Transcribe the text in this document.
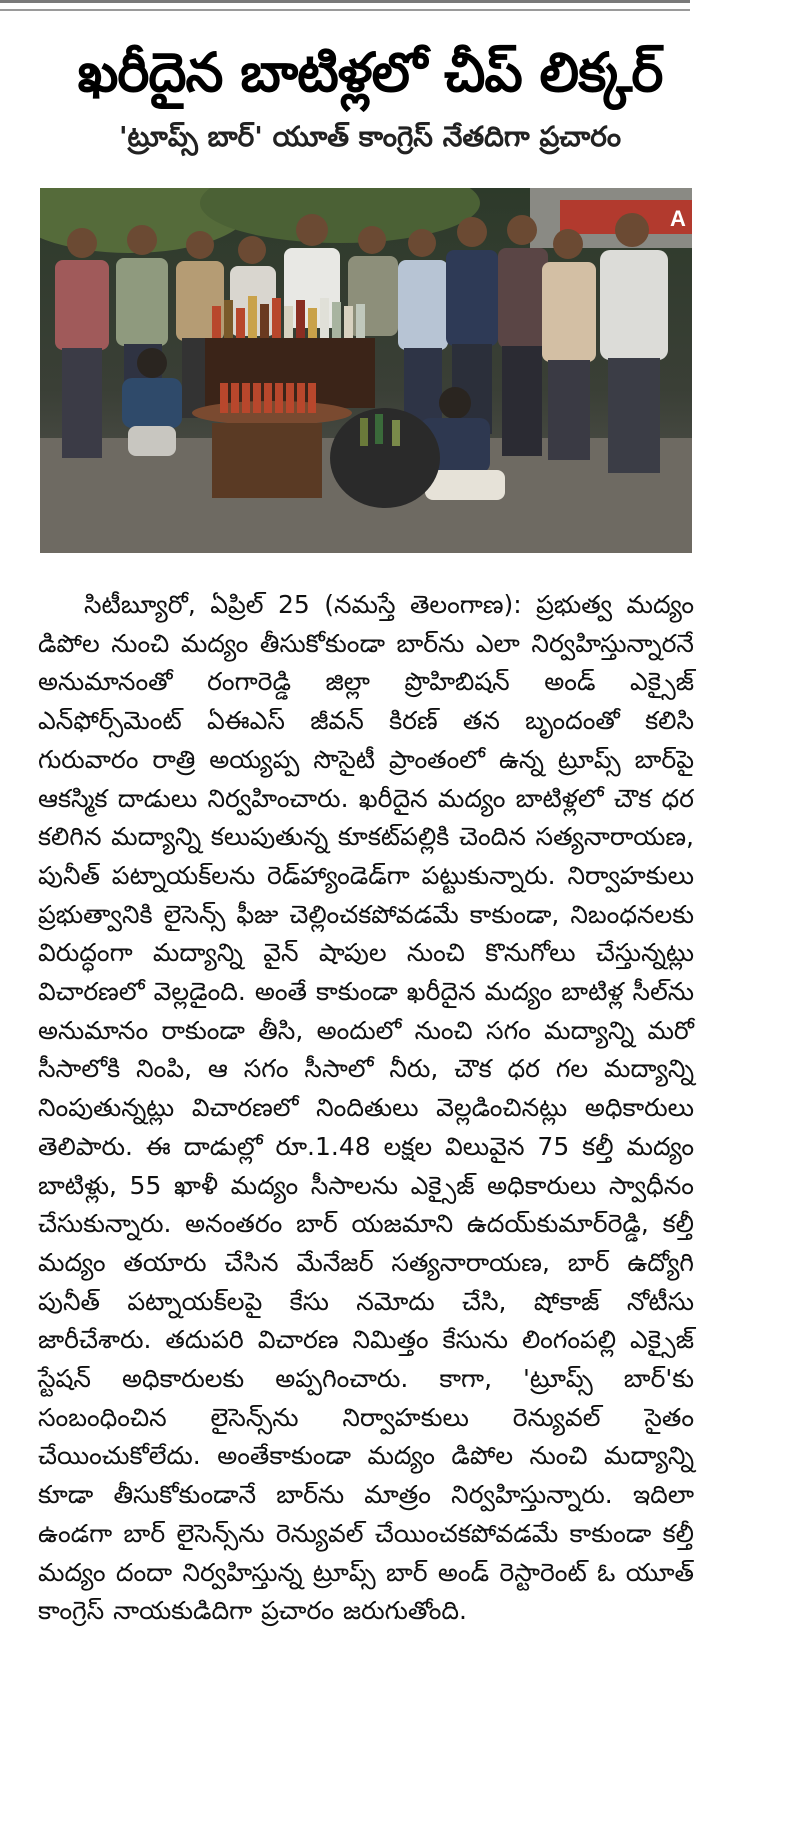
ఖరీదైన బాటిళ్లలో చీప్‌ లిక్కర్‌
'ట్రూప్స్‌ బార్‌' యూత్‌ కాంగ్రెస్‌ నేతదిగా ప్రచారం
A

సిటీబ్యూరో, ఏప్రిల్‌ 25 (నమస్తే తెలంగాణ): ప్రభుత్వ మద్యం డిపోల నుంచి మద్యం తీసుకోకుండా బార్‌ను ఎలా నిర్వహిస్తున్నారనే అనుమానంతో రంగారెడ్డి జిల్లా ప్రొహిబిషన్‌ అండ్‌ ఎక్సైజ్‌ ఎన్‌ఫోర్స్‌మెంట్‌ ఏఈఎస్‌ జీవన్‌ కిరణ్‌ తన బృందంతో కలిసి గురువారం రాత్రి అయ్యప్ప సొసైటీ ప్రాంతంలో ఉన్న ట్రూప్స్‌ బార్‌పై ఆకస్మిక దాడులు నిర్వహించారు. ఖరీదైన మద్యం బాటిళ్లలో చౌక ధర కలిగిన మద్యాన్ని కలుపుతున్న కూకట్‌పల్లికి చెందిన సత్యనారాయణ, పునీత్‌ పట్నాయక్‌లను రెడ్‌హ్యాండెడ్‌గా పట్టుకున్నారు. నిర్వాహకులు ప్రభుత్వానికి లైసెన్స్‌ ఫీజు చెల్లించకపోవడమే కాకుండా, నిబంధనలకు విరుద్ధంగా మద్యాన్ని వైన్‌ షాపుల నుంచి కొనుగోలు చేస్తున్నట్లు విచారణలో వెల్లడైంది. అంతే కాకుండా ఖరీదైన మద్యం బాటిళ్ల సీల్‌ను అనుమానం రాకుండా తీసి, అందులో నుంచి సగం మద్యాన్ని మరో సీసాలోకి నింపి, ఆ సగం సీసాలో నీరు, చౌక ధర గల మద్యాన్ని నింపుతున్నట్లు విచారణలో నిందితులు వెల్లడించినట్లు అధికారులు తెలిపారు. ఈ దాడుల్లో రూ.1.48 లక్షల విలువైన 75 కల్తీ మద్యం బాటిళ్లు, 55 ఖాళీ మద్యం సీసాలను ఎక్సైజ్‌ అధికారులు స్వాధీనం చేసుకున్నారు. అనంతరం బార్‌ యజమాని ఉదయ్‌కుమార్‌రెడ్డి, కల్తీ మద్యం తయారు చేసిన మేనేజర్‌ సత్యనారాయణ, బార్‌ ఉద్యోగి పునీత్‌ పట్నాయక్‌లపై కేసు నమోదు చేసి, షోకాజ్‌ నోటీసు జారీచేశారు. తదుపరి విచారణ నిమిత్తం కేసును లింగంపల్లి ఎక్సైజ్‌ స్టేషన్‌ అధికారులకు అప్పగించారు. కాగా, 'ట్రూప్స్‌ బార్‌'కు సంబంధించిన లైసెన్స్‌ను నిర్వాహకులు రెన్యువల్‌ సైతం చేయించుకోలేదు. అంతేకాకుండా మద్యం డిపోల నుంచి మద్యాన్ని కూడా తీసుకోకుండానే బార్‌ను మాత్రం నిర్వహిస్తున్నారు. ఇదిలా ఉండగా బార్‌ లైసెన్స్‌ను రెన్యువల్‌ చేయించకపోవడమే కాకుండా కల్తీ మద్యం దందా నిర్వహిస్తున్న ట్రూప్స్‌ బార్‌ అండ్‌ రెస్టారెంట్‌ ఓ యూత్‌ కాంగ్రెస్‌ నాయకుడిదిగా ప్రచారం జరుగుతోంది.
